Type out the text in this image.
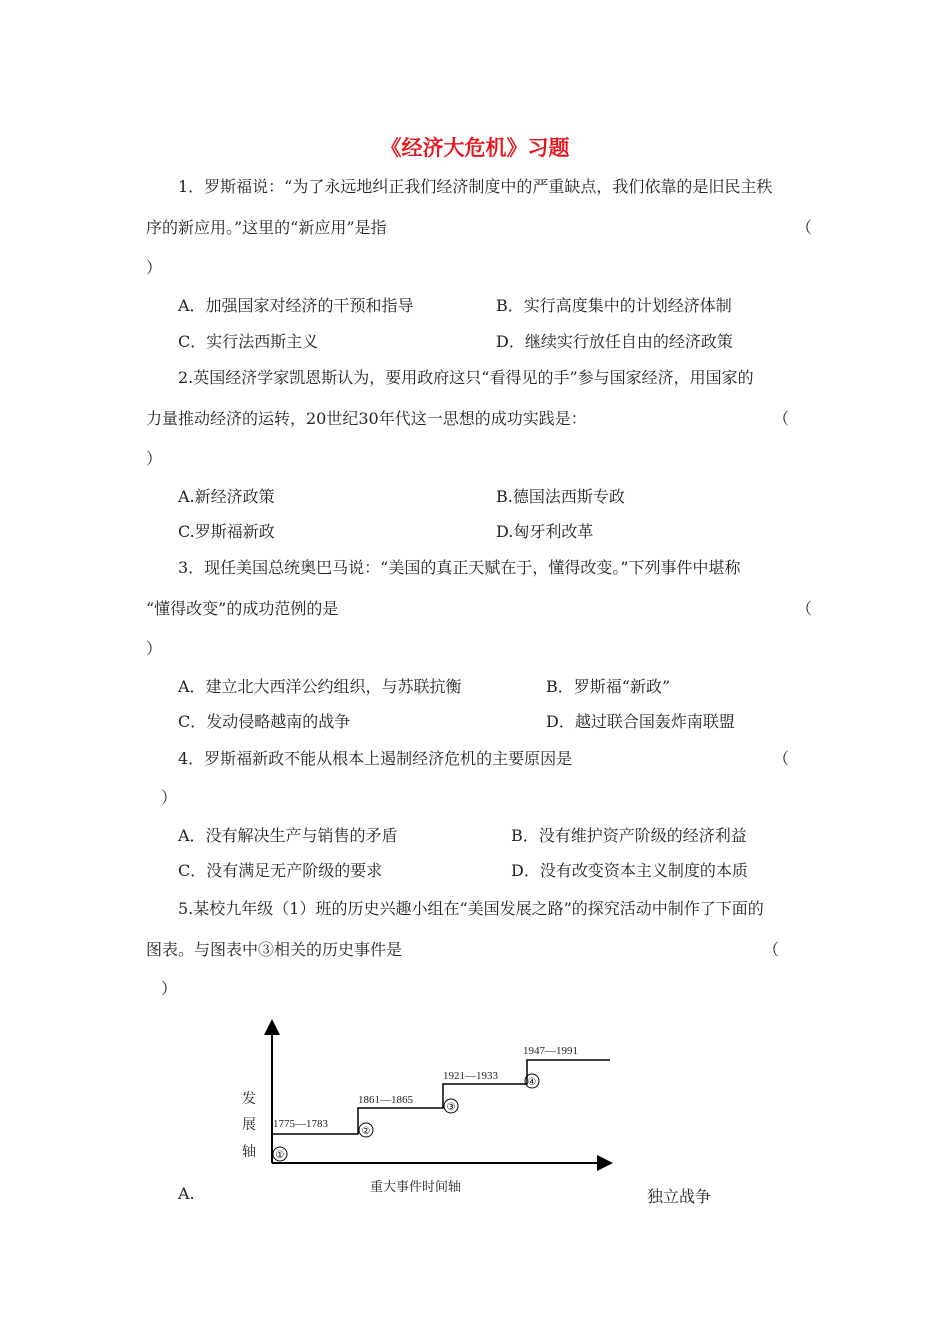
《经济大危机》习题
1．罗斯福说：“为了永远地纠正我们经济制度中的严重缺点，我们依靠的是旧民主秩
序的新应用。”这里的“新应用”是指	（
）
A．加强国家对经济的干预和指导	B．实行高度集中的计划经济体制
C．实行法西斯主义	D．继续实行放任自由的经济政策
2.英国经济学家凯恩斯认为，要用政府这只“看得见的手”参与国家经济，用国家的
力量推动经济的运转，20世纪30年代这一思想的成功实践是：	（
）
A.新经济政策	B.德国法西斯专政
C.罗斯福新政	D.匈牙利改革
3．现任美国总统奥巴马说：“美国的真正天赋在于，懂得改变。”下列事件中堪称
“懂得改变”的成功范例的是	（
）
A．建立北大西洋公约组织，与苏联抗衡	B．罗斯福“新政”
C．发动侵略越南的战争	D．越过联合国轰炸南联盟
4．罗斯福新政不能从根本上遏制经济危机的主要原因是	（
）
A．没有解决生产与销售的矛盾	B．没有维护资产阶级的经济利益
C．没有满足无产阶级的要求	D．没有改变资本主义制度的本质
5.某校九年级（1）班的历史兴趣小组在“美国发展之路”的探究活动中制作了下面的
图表。与图表中③相关的历史事件是	（
）
①
②
③
④
发
展
轴
1775—1783
1861—1865
1921—1933
1947—1991
重大事件时间轴
A.	独立战争
